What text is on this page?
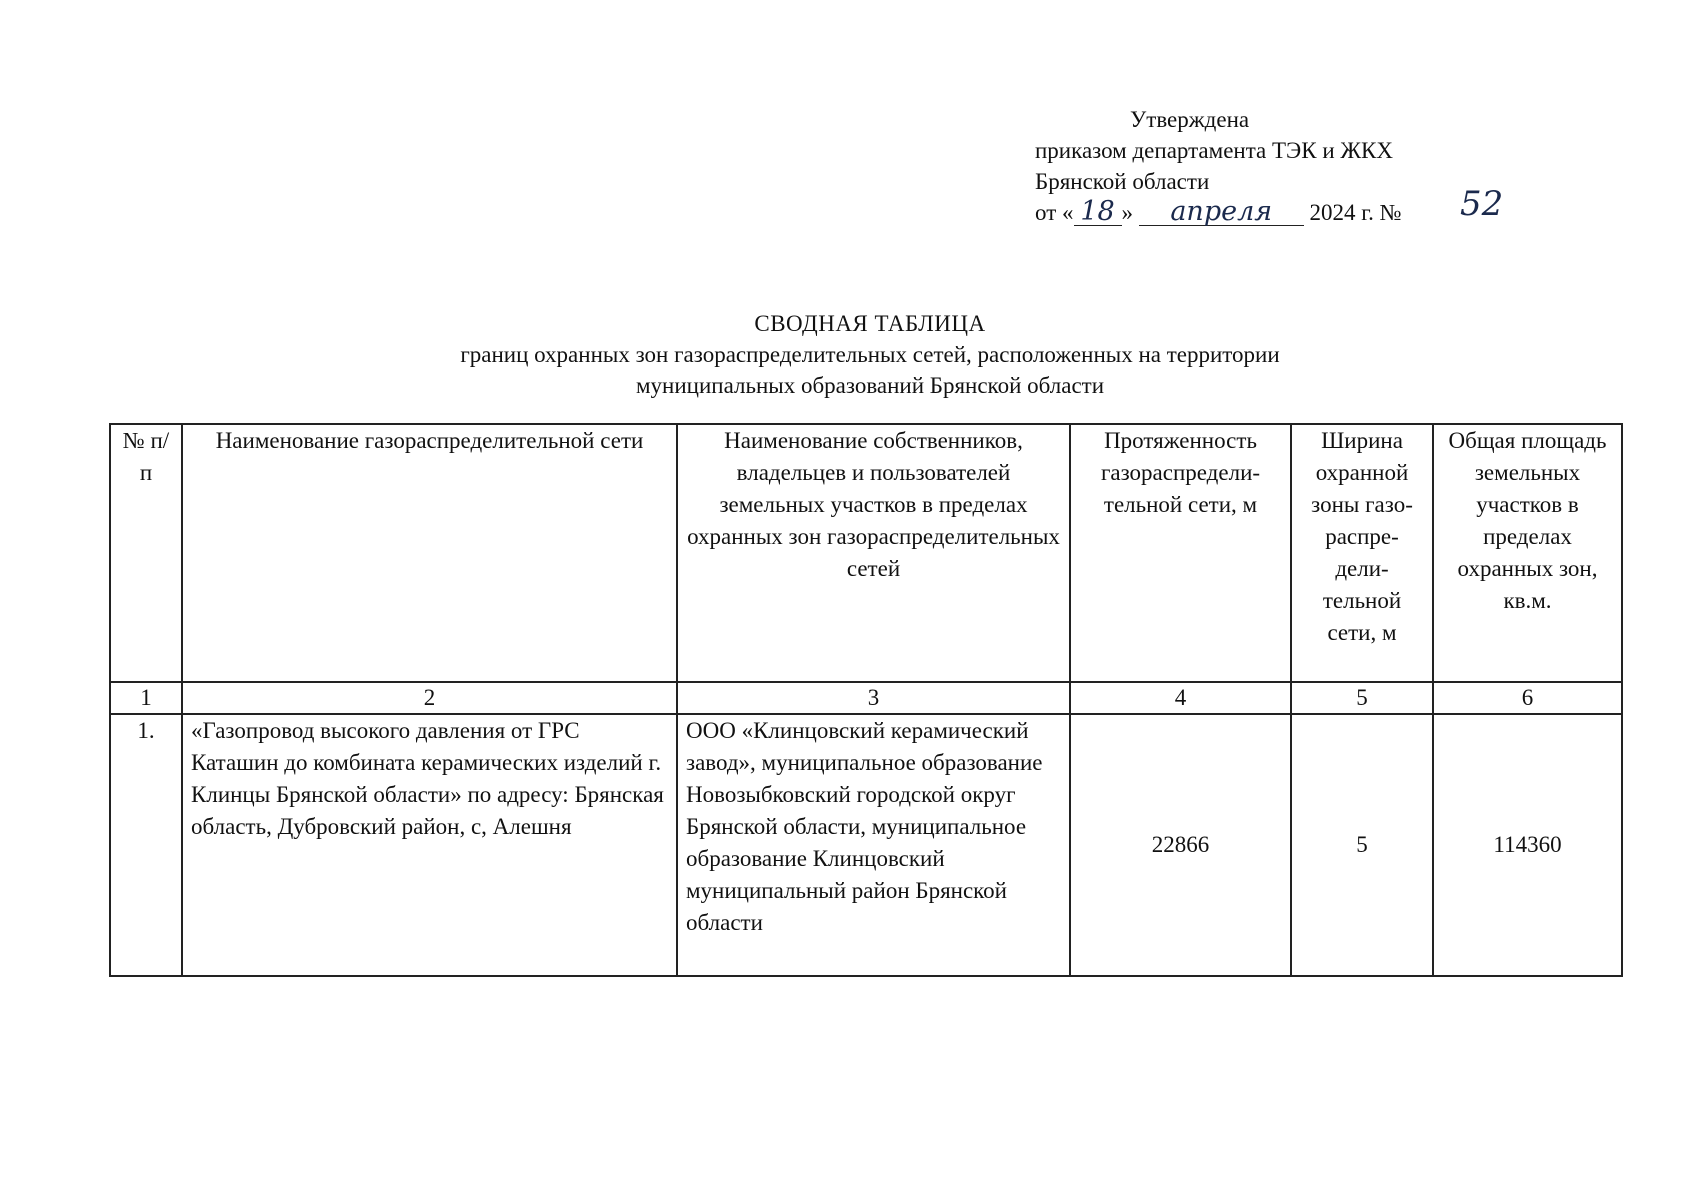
Утверждена
приказом департамента ТЭК и ЖКХ
Брянской области
от « 18 » апреля 2024 г. № 52
СВОДНАЯ ТАБЛИЦА
границ охранных зон газораспределительных сетей, расположенных на территории
муниципальных образований Брянской области
№ п/п	Наименование газораспределительной сети	Наименование собственников, владельцев и пользователей земельных участков в пределах охранных зон газораспределительных сетей	Протяженность газораспредели-тельной сети, м	Ширина охранной зоны газо-распре-дели-тельной сети, м	Общая площадь земельных участков в пределах охранных зон, кв.м.
1	2	3	4	5	6
1.	«Газопровод высокого давления от ГРС Каташин до комбината керамических изделий г. Клинцы Брянской области» по адресу: Брянская область, Дубровский район, с, Алешня	ООО «Клинцовский керамический завод», муниципальное образование Новозыбковский городской округ Брянской области, муниципальное образование Клинцовский муниципальный район Брянской области	22866	5	114360
